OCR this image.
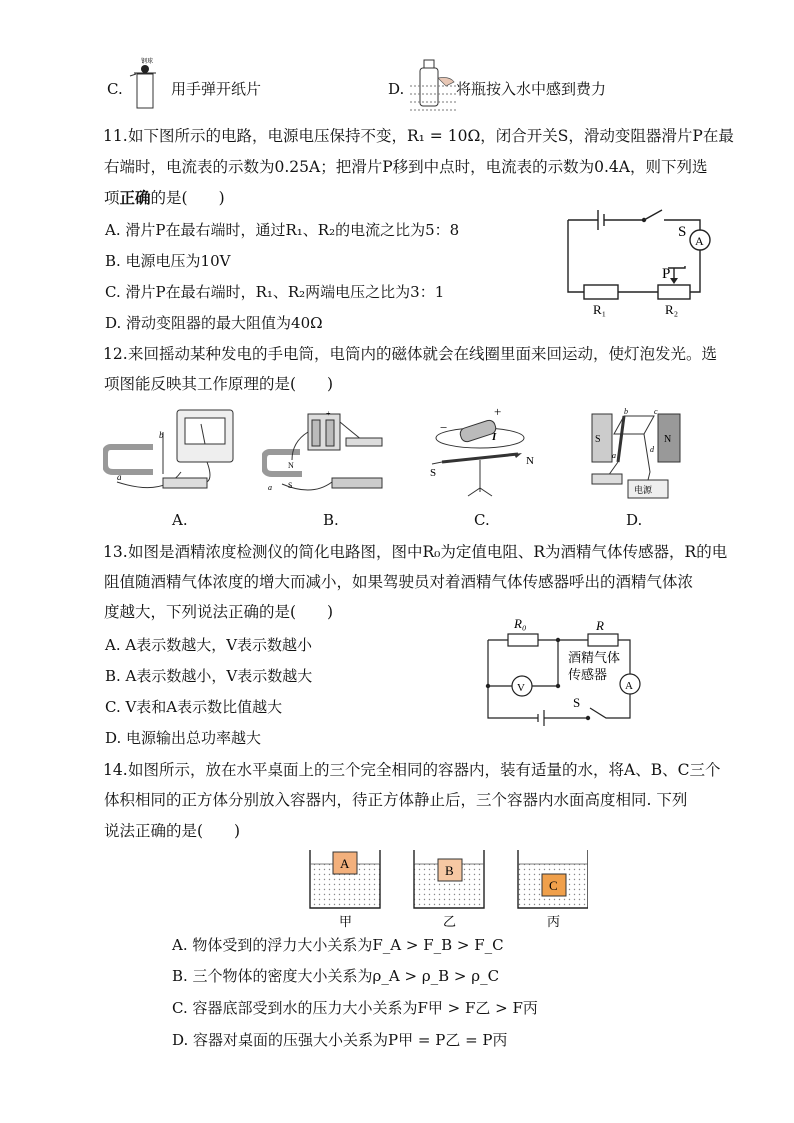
C.
钢球
用手弹开纸片	D.	将瓶按入水中感到费力
11. 如下图所示的电路，电源电压保持不变，R₁ = 10Ω，闭合开关S，滑动变阻器滑片P在最
右端时，电流表的示数为0.25A；把滑片P移到中点时，电流表的示数为0.4A，则下列选
项正确的是(　　)
A. 滑片P在最右端时，通过R₁、R₂的电流之比为5：8
B. 电源电压为10V
C. 滑片P在最右端时，R₁、R₂两端电压之比为3：1
D. 滑动变阻器的最大阻值为40Ω
S
A
P
R₁	R₂
12. 来回摇动某种发电的手电筒，电筒内的磁体就会在线圈里面来回运动，使灯泡发光。选
项图能反映其工作原理的是(　　)
a
b
A.
N
S
a
+
B.
+
−
I
S
N
C.
S	N
b	c
d
a
电源
D.
13. 如图是酒精浓度检测仪的简化电路图，图中R₀为定值电阻、R为酒精气体传感器，R的电
阻值随酒精气体浓度的增大而减小，如果驾驶员对着酒精气体传感器呼出的酒精气体浓
度越大，下列说法正确的是(　　)
A. A表示数越大，V表示数越小
B. A表示数越小，V表示数越大
C. V表和A表示数比值越大
D. 电源输出总功率越大
R₀	R
酒精气体
传感器
V	A
S
14. 如图所示，放在水平桌面上的三个完全相同的容器内，装有适量的水，将A、B、C三个
体积相同的正方体分别放入容器内，待正方体静止后，三个容器内水面高度相同. 下列
说法正确的是(　　)
A
甲
B
乙
C
丙
A. 物体受到的浮力大小关系为F_A > F_B > F_C
B. 三个物体的密度大小关系为ρ_A > ρ_B > ρ_C
C. 容器底部受到水的压力大小关系为F甲 > F乙 > F丙
D. 容器对桌面的压强大小关系为P甲 = P乙 = P丙
